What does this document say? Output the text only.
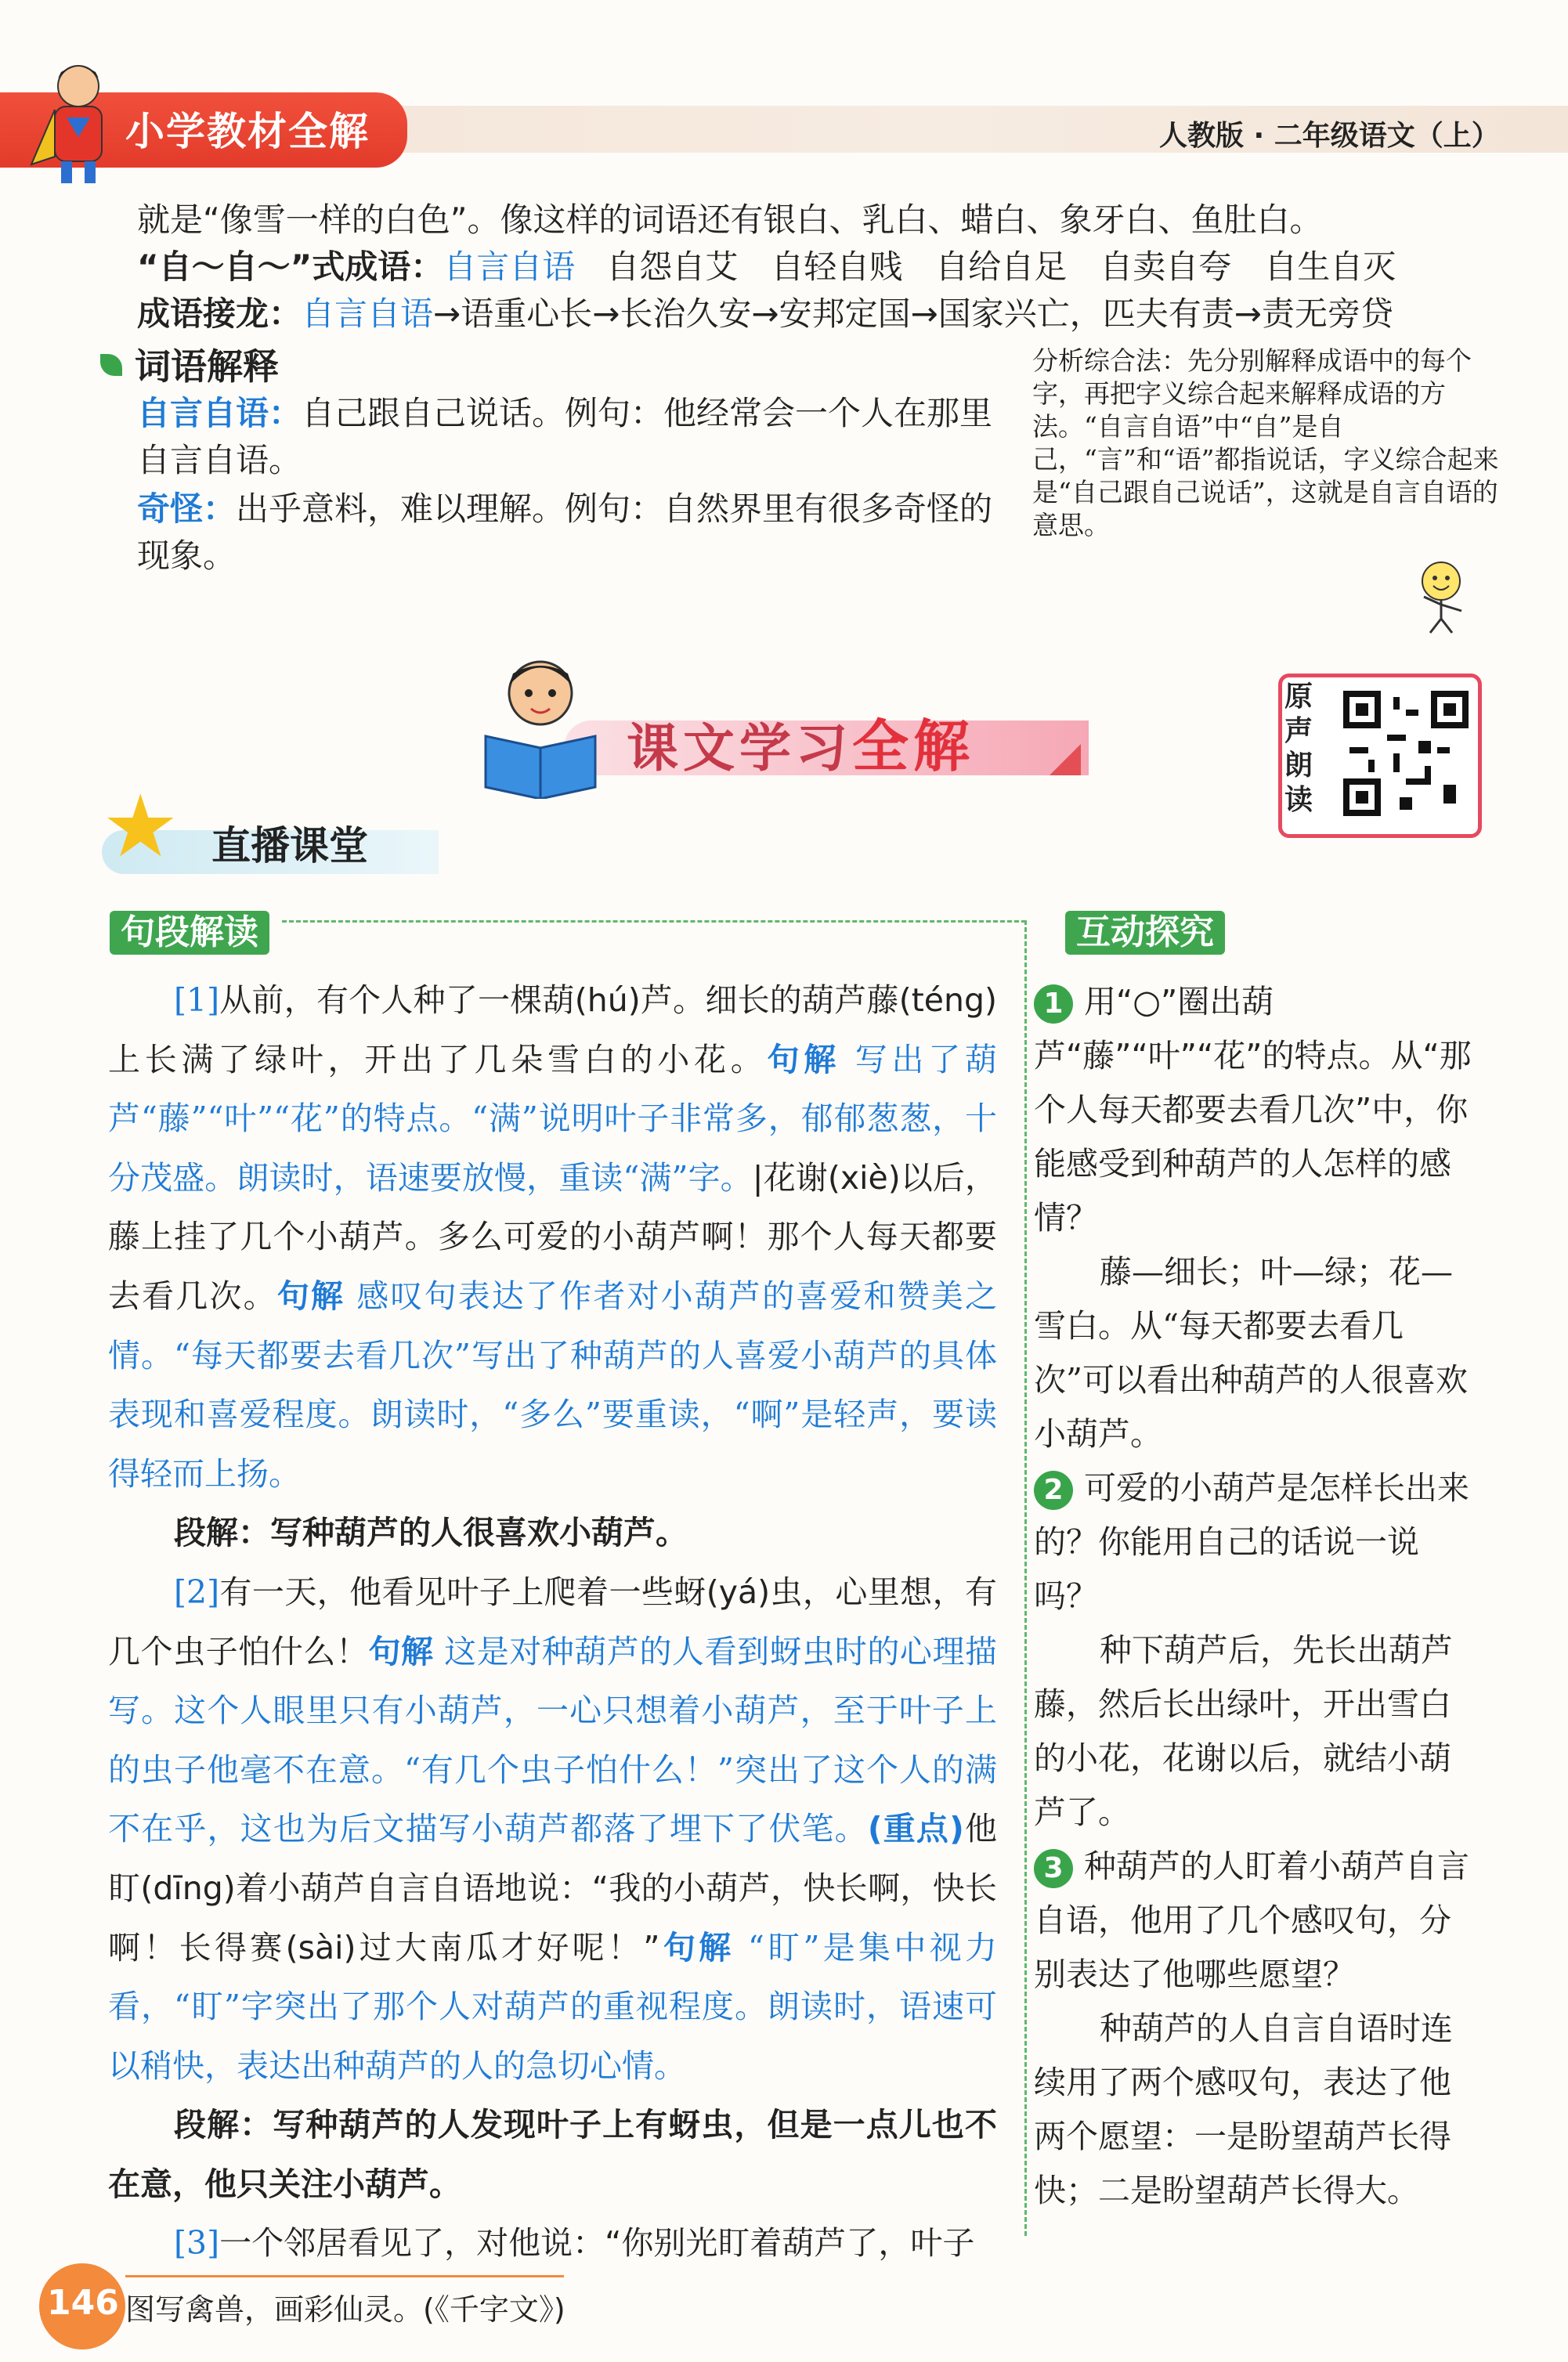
小学教材全解	人教版 · 二年级语文（上）
就是“像雪一样的白色”。像这样的词语还有银白、乳白、蜡白、象牙白、鱼肚白。
“自～自～”式成语：自言自语 自怨自艾　自轻自贱　自给自足　自卖自夸　自生自灭
成语接龙：自言自语→语重心长→长治久安→安邦定国→国家兴亡，匹夫有责→责无旁贷
词语解释
自言自语：自己跟自己说话。例句：他经常会一个人在那里自言自语。
奇怪：出乎意料，难以理解。例句：自然界里有很多奇怪的现象。
分析综合法：先分别解释成语中的每个字，再把字义综合起来解释成语的方法。“自言自语”中“自”是自己，“言”和“语”都指说话，字义综合起来是“自己跟自己说话”，这就是自言自语的意思。
课文学习全解
原声朗读
★ 直播课堂
句段解读	互动探究

[1]从前，有个人种了一棵葫(hú)芦。细长的葫芦藤(téng)上长满了绿叶，开出了几朵雪白的小花。句解 写出了葫芦“藤”“叶”“花”的特点。“满”说明叶子非常多，郁郁葱葱，十分茂盛。朗读时，语速要放慢，重读“满”字。|花谢(xiè)以后，藤上挂了几个小葫芦。多么可爱的小葫芦啊！那个人每天都要去看几次。句解 感叹句表达了作者对小葫芦的喜爱和赞美之情。“每天都要去看几次”写出了种葫芦的人喜爱小葫芦的具体表现和喜爱程度。朗读时，“多么”要重读，“啊”是轻声，要读得轻而上扬。

段解：写种葫芦的人很喜欢小葫芦。

[2]有一天，他看见叶子上爬着一些蚜(yá)虫，心里想，有几个虫子怕什么！句解 这是对种葫芦的人看到蚜虫时的心理描写。这个人眼里只有小葫芦，一心只想着小葫芦，至于叶子上的虫子他毫不在意。“有几个虫子怕什么！”突出了这个人的满不在乎，这也为后文描写小葫芦都落了埋下了伏笔。(重点)他盯(dīng)着小葫芦自言自语地说：“我的小葫芦，快长啊，快长啊！长得赛(sài)过大南瓜才好呢！”句解 “盯”是集中视力看，“盯”字突出了那个人对葫芦的重视程度。朗读时，语速可以稍快，表达出种葫芦的人的急切心情。

段解：写种葫芦的人发现叶子上有蚜虫，但是一点儿也不在意，他只关注小葫芦。

[3]一个邻居看见了，对他说：“你别光盯着葫芦了，叶子

1 用“○”圈出葫芦“藤”“叶”“花”的特点。从“那个人每天都要去看几次”中，你能感受到种葫芦的人怎样的感情？

藤—细长；叶—绿；花—雪白。从“每天都要去看几次”可以看出种葫芦的人很喜欢小葫芦。

2 可爱的小葫芦是怎样长出来的？你能用自己的话说一说吗？

种下葫芦后，先长出葫芦藤，然后长出绿叶，开出雪白的小花，花谢以后，就结小葫芦了。

3 种葫芦的人盯着小葫芦自言自语，他用了几个感叹句，分别表达了他哪些愿望？

种葫芦的人自言自语时连续用了两个感叹句，表达了他两个愿望：一是盼望葫芦长得快；二是盼望葫芦长得大。

146 图写禽兽，画彩仙灵。(《千字文》)
